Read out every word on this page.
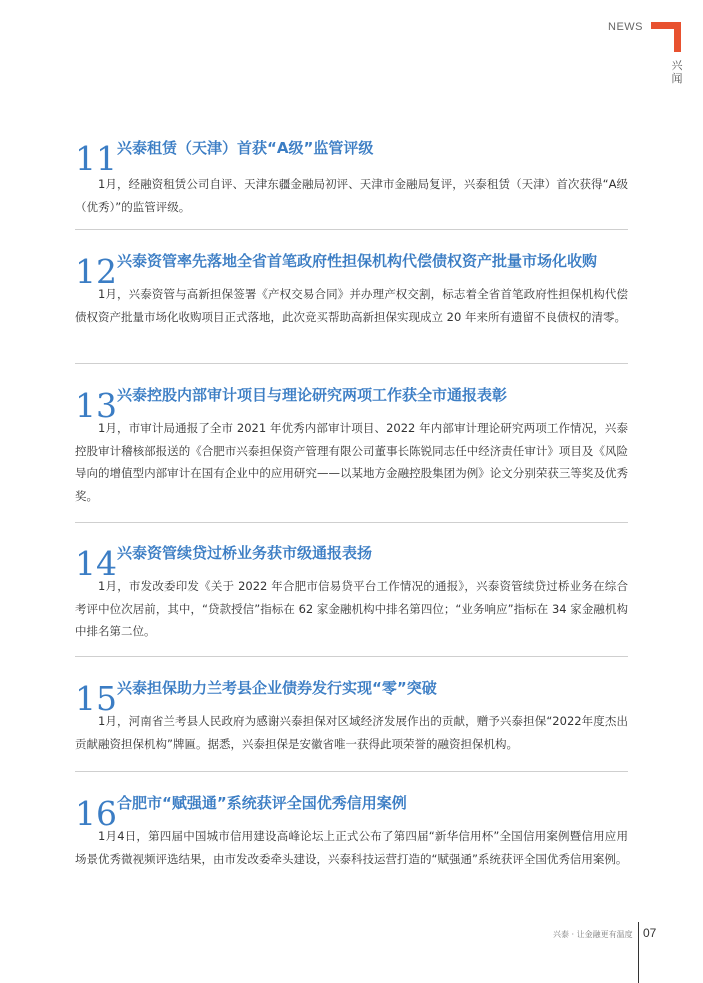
NEWS
兴闻
11 兴泰租赁（天津）首获“A级”监管评级
1月，经融资租赁公司自评、天津东疆金融局初评、天津市金融局复评，兴泰租赁（天津）首次获得“A级（优秀）”的监管评级。
12 兴泰资管率先落地全省首笔政府性担保机构代偿债权资产批量市场化收购
1月，兴泰资管与高新担保签署《产权交易合同》并办理产权交割，标志着全省首笔政府性担保机构代偿债权资产批量市场化收购项目正式落地，此次竞买帮助高新担保实现成立 20 年来所有遗留不良债权的清零。
13 兴泰控股内部审计项目与理论研究两项工作获全市通报表彰
1月，市审计局通报了全市 2021 年优秀内部审计项目、2022 年内部审计理论研究两项工作情况，兴泰控股审计稽核部报送的《合肥市兴泰担保资产管理有限公司董事长陈锐同志任中经济责任审计》项目及《风险导向的增值型内部审计在国有企业中的应用研究——以某地方金融控股集团为例》论文分别荣获三等奖及优秀奖。
14 兴泰资管续贷过桥业务获市级通报表扬
1月，市发改委印发《关于 2022 年合肥市信易贷平台工作情况的通报》，兴泰资管续贷过桥业务在综合考评中位次居前，其中，“贷款授信”指标在 62 家金融机构中排名第四位；“业务响应”指标在 34 家金融机构中排名第二位。
15 兴泰担保助力兰考县企业债券发行实现“零”突破
1月，河南省兰考县人民政府为感谢兴泰担保对区域经济发展作出的贡献，赠予兴泰担保“2022年度杰出贡献融资担保机构”牌匾。据悉，兴泰担保是安徽省唯一获得此项荣誉的融资担保机构。
16 合肥市“赋强通”系统获评全国优秀信用案例
1月4日，第四届中国城市信用建设高峰论坛上正式公布了第四届“新华信用杯”全国信用案例暨信用应用场景优秀微视频评选结果，由市发改委牵头建设，兴泰科技运营打造的“赋强通”系统获评全国优秀信用案例。
兴泰 · 让金融更有温度 07
